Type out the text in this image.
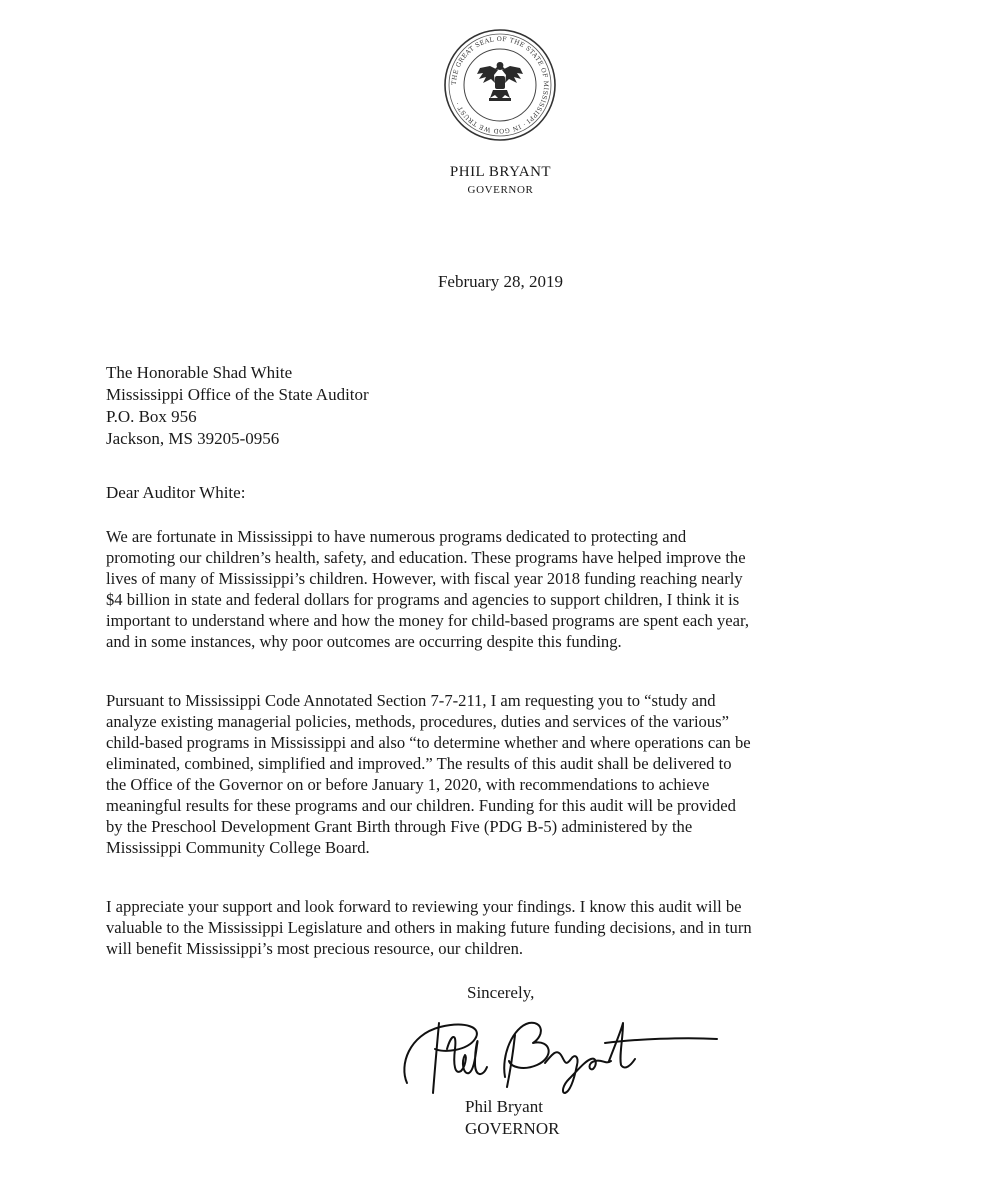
THE GREAT SEAL OF THE STATE OF MISSISSIPPI · IN GOD WE TRUST ·
PHIL BRYANT
GOVERNOR
February 28, 2019
The Honorable Shad White
Mississippi Office of the State Auditor
P.O. Box 956
Jackson, MS 39205-0956
Dear Auditor White:
We are fortunate in Mississippi to have numerous programs dedicated to protecting and
promoting our children’s health, safety, and education. These programs have helped improve the
lives of many of Mississippi’s children. However, with fiscal year 2018 funding reaching nearly
$4 billion in state and federal dollars for programs and agencies to support children, I think it is
important to understand where and how the money for child-based programs are spent each year,
and in some instances, why poor outcomes are occurring despite this funding.
Pursuant to Mississippi Code Annotated Section 7-7-211, I am requesting you to “study and
analyze existing managerial policies, methods, procedures, duties and services of the various”
child-based programs in Mississippi and also “to determine whether and where operations can be
eliminated, combined, simplified and improved.” The results of this audit shall be delivered to
the Office of the Governor on or before January 1, 2020, with recommendations to achieve
meaningful results for these programs and our children. Funding for this audit will be provided
by the Preschool Development Grant Birth through Five (PDG B-5) administered by the
Mississippi Community College Board.
I appreciate your support and look forward to reviewing your findings. I know this audit will be
valuable to the Mississippi Legislature and others in making future funding decisions, and in turn
will benefit Mississippi’s most precious resource, our children.
Sincerely,
Phil Bryant
Phil Bryant
GOVERNOR
